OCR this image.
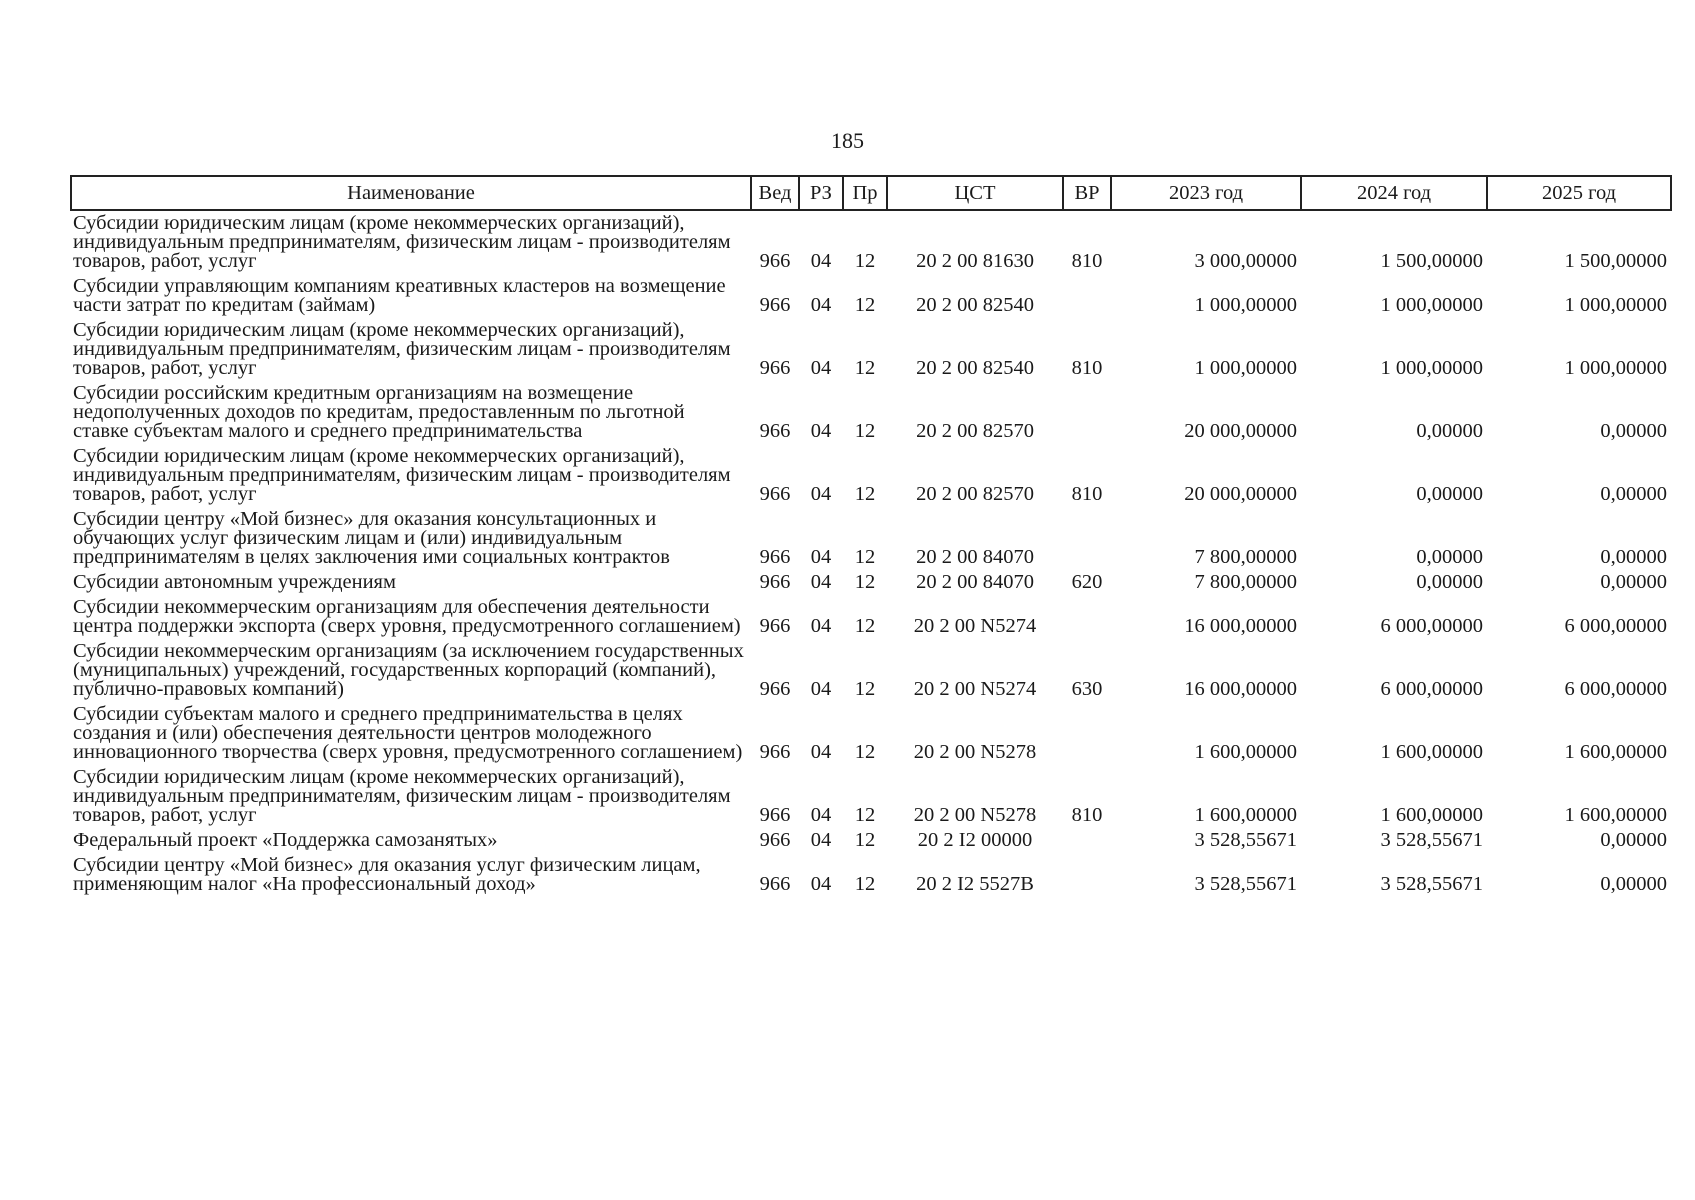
185
Наименование	Вед	РЗ	Пр	ЦСТ	ВР	2023 год	2024 год	2025 год
Субсидии юридическим лицам (кроме некоммерческих организаций), индивидуальным предпринимателям, физическим лицам - производителям товаров, работ, услуг	966	04	12	20 2 00 81630	810	3 000,00000	1 500,00000	1 500,00000
Субсидии управляющим компаниям креативных кластеров на возмещение части затрат по кредитам (займам)	966	04	12	20 2 00 82540		1 000,00000	1 000,00000	1 000,00000
Субсидии юридическим лицам (кроме некоммерческих организаций), индивидуальным предпринимателям, физическим лицам - производителям товаров, работ, услуг	966	04	12	20 2 00 82540	810	1 000,00000	1 000,00000	1 000,00000
Субсидии российским кредитным организациям на возмещение недополученных доходов по кредитам, предоставленным по льготной ставке субъектам малого и среднего предпринимательства	966	04	12	20 2 00 82570		20 000,00000	0,00000	0,00000
Субсидии юридическим лицам (кроме некоммерческих организаций), индивидуальным предпринимателям, физическим лицам - производителям товаров, работ, услуг	966	04	12	20 2 00 82570	810	20 000,00000	0,00000	0,00000
Субсидии центру «Мой бизнес» для оказания консультационных и обучающих услуг физическим лицам и (или) индивидуальным предпринимателям в целях заключения ими социальных контрактов	966	04	12	20 2 00 84070		7 800,00000	0,00000	0,00000
Субсидии автономным учреждениям	966	04	12	20 2 00 84070	620	7 800,00000	0,00000	0,00000
Субсидии некоммерческим организациям для обеспечения деятельности центра поддержки экспорта (сверх уровня, предусмотренного соглашением)	966	04	12	20 2 00 N5274		16 000,00000	6 000,00000	6 000,00000
Субсидии некоммерческим организациям (за исключением государственных (муниципальных) учреждений, государственных корпораций (компаний), публично-правовых компаний)	966	04	12	20 2 00 N5274	630	16 000,00000	6 000,00000	6 000,00000
Субсидии субъектам малого и среднего предпринимательства в целях создания и (или) обеспечения деятельности центров молодежного инновационного творчества (сверх уровня, предусмотренного соглашением)	966	04	12	20 2 00 N5278		1 600,00000	1 600,00000	1 600,00000
Субсидии юридическим лицам (кроме некоммерческих организаций), индивидуальным предпринимателям, физическим лицам - производителям товаров, работ, услуг	966	04	12	20 2 00 N5278	810	1 600,00000	1 600,00000	1 600,00000
Федеральный проект «Поддержка самозанятых»	966	04	12	20 2 I2 00000		3 528,55671	3 528,55671	0,00000
Субсидии центру «Мой бизнес» для оказания услуг физическим лицам, применяющим налог «На профессиональный доход»	966	04	12	20 2 I2 5527B		3 528,55671	3 528,55671	0,00000
